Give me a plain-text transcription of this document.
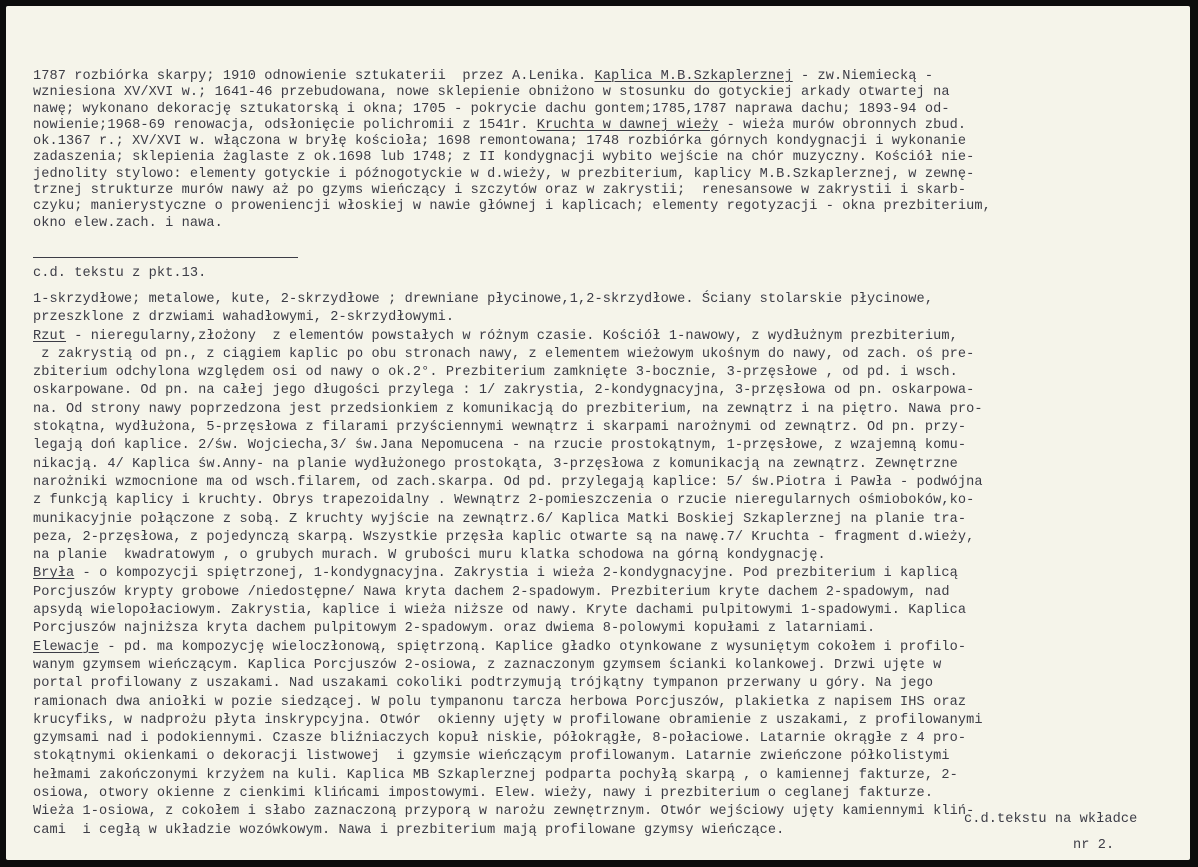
1787 rozbiórka skarpy; 1910 odnowienie sztukaterii  przez A.Lenika. Kaplica M.B.Szkaplerznej - zw.Niemiecką -
wzniesiona XV/XVI w.; 1641-46 przebudowana, nowe sklepienie obniżono w stosunku do gotyckiej arkady otwartej na
nawę; wykonano dekorację sztukatorską i okna; 1705 - pokrycie dachu gontem;1785,1787 naprawa dachu; 1893-94 od-
nowienie;1968-69 renowacja, odsłonięcie polichromii z 1541r. Kruchta w dawnej wieży - wieża murów obronnych zbud.
ok.1367 r.; XV/XVI w. włączona w bryłę kościoła; 1698 remontowana; 1748 rozbiórka górnych kondygnacji i wykonanie
zadaszenia; sklepienia żaglaste z ok.1698 lub 1748; z II kondygnacji wybito wejście na chór muzyczny. Kościół nie-
jednolity stylowo: elementy gotyckie i późnogotyckie w d.wieży, w prezbiterium, kaplicy M.B.Szkaplerznej, w zewnę-
trznej strukturze murów nawy aż po gzyms wieńczący i szczytów oraz w zakrystii;  renesansowe w zakrystii i skarb-
czyku; manierystyczne o proweniencji włoskiej w nawie głównej i kaplicach; elementy regotyzacji - okna prezbiterium,
okno elew.zach. i nawa.
c.d. tekstu z pkt.13.
1-skrzydłowe; metalowe, kute, 2-skrzydłowe ; drewniane płycinowe,1,2-skrzydłowe. Ściany stolarskie płycinowe,
przeszklone z drzwiami wahadłowymi, 2-skrzydłowymi.
Rzut - nieregularny,złożony  z elementów powstałych w różnym czasie. Kościół 1-nawowy, z wydłużnym prezbiterium,
z zakrystią od pn., z ciągiem kaplic po obu stronach nawy, z elementem wieżowym ukośnym do nawy, od zach. oś pre-
zbiterium odchylona względem osi od nawy o ok.2°. Prezbiterium zamknięte 3-bocznie, 3-przęsłowe , od pd. i wsch.
oskarpowane. Od pn. na całej jego długości przylega : 1/ zakrystia, 2-kondygnacyjna, 3-przęsłowa od pn. oskarpowa-
na. Od strony nawy poprzedzona jest przedsionkiem z komunikacją do prezbiterium, na zewnątrz i na piętro. Nawa pro-
stokątna, wydłużona, 5-przęsłowa z filarami przyściennymi wewnątrz i skarpami narożnymi od zewnątrz. Od pn. przy-
legają doń kaplice. 2/św. Wojciecha,3/ św.Jana Nepomucena - na rzucie prostokątnym, 1-przęsłowe, z wzajemną komu-
nikacją. 4/ Kaplica św.Anny- na planie wydłużonego prostokąta, 3-przęsłowa z komunikacją na zewnątrz. Zewnętrzne
narożniki wzmocnione ma od wsch.filarem, od zach.skarpa. Od pd. przylegają kaplice: 5/ św.Piotra i Pawła - podwójna
z funkcją kaplicy i kruchty. Obrys trapezoidalny . Wewnątrz 2-pomieszczenia o rzucie nieregularnych ośmioboków,ko-
munikacyjnie połączone z sobą. Z kruchty wyjście na zewnątrz.6/ Kaplica Matki Boskiej Szkaplerznej na planie tra-
peza, 2-przęsłowa, z pojedynczą skarpą. Wszystkie przęsła kaplic otwarte są na nawę.7/ Kruchta - fragment d.wieży,
na planie  kwadratowym , o grubych murach. W grubości muru klatka schodowa na górną kondygnację.
Bryła - o kompozycji spiętrzonej, 1-kondygnacyjna. Zakrystia i wieża 2-kondygnacyjne. Pod prezbiterium i kaplicą
Porcjuszów krypty grobowe /niedostępne/ Nawa kryta dachem 2-spadowym. Prezbiterium kryte dachem 2-spadowym, nad
apsydą wielopołaciowym. Zakrystia, kaplice i wieża niższe od nawy. Kryte dachami pulpitowymi 1-spadowymi. Kaplica
Porcjuszów najniższa kryta dachem pulpitowym 2-spadowym. oraz dwiema 8-polowymi kopułami z latarniami.
Elewacje - pd. ma kompozycję wieloczłonową, spiętrzoną. Kaplice gładko otynkowane z wysuniętym cokołem i profilo-
wanym gzymsem wieńczącym. Kaplica Porcjuszów 2-osiowa, z zaznaczonym gzymsem ścianki kolankowej. Drzwi ujęte w
portal profilowany z uszakami. Nad uszakami cokoliki podtrzymują trójkątny tympanon przerwany u góry. Na jego
ramionach dwa aniołki w pozie siedzącej. W polu tympanonu tarcza herbowa Porcjuszów, plakietka z napisem IHS oraz
krucyfiks, w nadprożu płyta inskrypcyjna. Otwór  okienny ujęty w profilowane obramienie z uszakami, z profilowanymi
gzymsami nad i podokiennymi. Czasze bliźniaczych kopuł niskie, półokrągłe, 8-połaciowe. Latarnie okrągłe z 4 pro-
stokątnymi okienkami o dekoracji listwowej  i gzymsie wieńczącym profilowanym. Latarnie zwieńczone półkolistymi
hełmami zakończonymi krzyżem na kuli. Kaplica MB Szkaplerznej podparta pochyłą skarpą , o kamiennej fakturze, 2-
osiowa, otwory okienne z cienkimi klińcami impostowymi. Elew. wieży, nawy i prezbiterium o ceglanej fakturze.
Wieża 1-osiowa, z cokołem i słabo zaznaczoną przyporą w narożu zewnętrznym. Otwór wejściowy ujęty kamiennymi kliń-
cami  i cegłą w układzie wozówkowym. Nawa i prezbiterium mają profilowane gzymsy wieńczące.
c.d.tekstu na wkładce
nr 2.
